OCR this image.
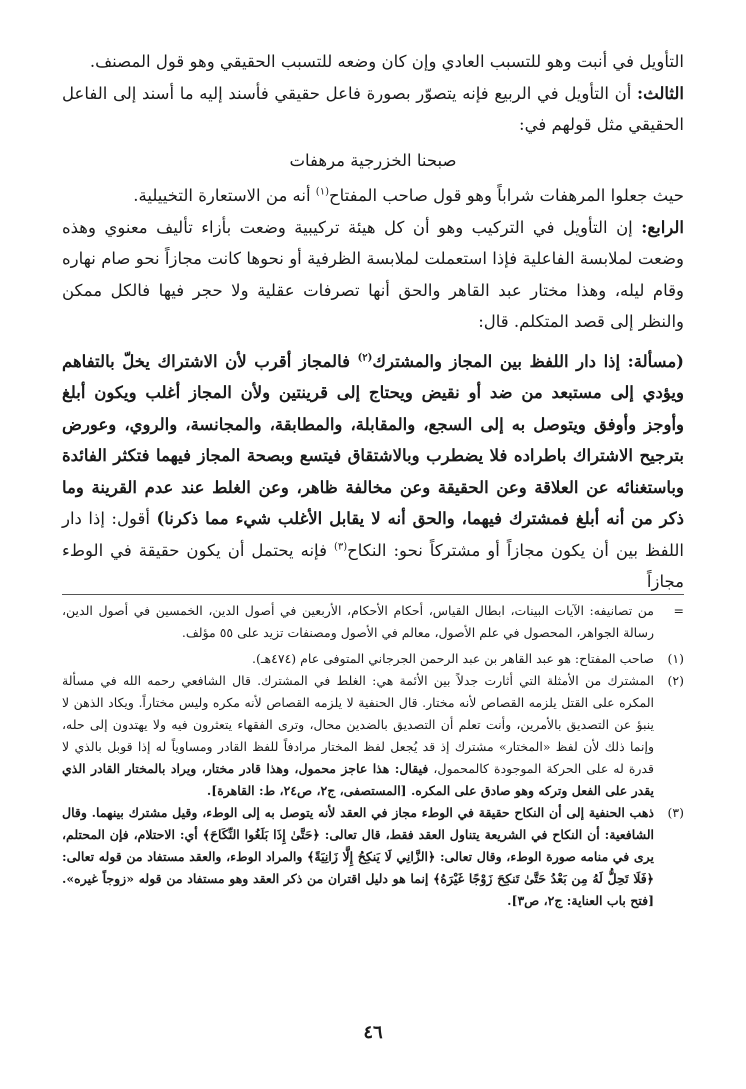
التأويل في أنبت وهو للتسبب العادي وإن كان وضعه للتسبب الحقيقي وهو قول المصنف.

الثالث: أن التأويل في الربيع فإنه يتصوّر بصورة فاعل حقيقي فأسند إليه ما أسند إلى الفاعل الحقيقي مثل قولهم في:

صبحنا الخزرجية مرهفات

حيث جعلوا المرهفات شراباً وهو قول صاحب المفتاح$^{(١)}$ أنه من الاستعارة التخييلية.

الرابع: إن التأويل في التركيب وهو أن كل هيئة تركيبية وضعت بأزاء تأليف معنوي وهذه وضعت لملابسة الفاعلية فإذا استعملت لملابسة الظرفية أو نحوها كانت مجازاً نحو صام نهاره وقام ليله، وهذا مختار عبد القاهر والحق أنها تصرفات عقلية ولا حجر فيها فالكل ممكن والنظر إلى قصد المتكلم. قال:

(مسألة: إذا دار اللفظ بين المجاز والمشترك$^{(٢)}$ فالمجاز أقرب لأن الاشتراك يخلّ بالتفاهم ويؤدي إلى مستبعد من ضد أو نقيض ويحتاج إلى قرينتين ولأن المجاز أغلب ويكون أبلغ وأوجز وأوفق ويتوصل به إلى السجع، والمقابلة، والمطابقة، والمجانسة، والروي، وعورض بترجيح الاشتراك باطراده فلا يضطرب وبالاشتقاق فيتسع وبصحة المجاز فيهما فتكثر الفائدة وباستغنائه عن العلاقة وعن الحقيقة وعن مخالفة ظاهر، وعن الغلط عند عدم القرينة وما ذكر من أنه أبلغ فمشترك فيهما، والحق أنه لا يقابل الأغلب شيء مما ذكرنا) أقول: إذا دار اللفظ بين أن يكون مجازاً أو مشتركاً نحو: النكاح$^{(٣)}$ فإنه يحتمل أن يكون حقيقة في الوطء مجازاً

=
من تصانيفه: الآيات البينات، ابطال القياس، أحكام الأحكام، الأربعين في أصول الدين، الخمسين في أصول الدين، رسالة الجواهر، المحصول في علم الأصول، معالم في الأصول ومصنفات تزيد على ٥٥ مؤلف.
(١)
صاحب المفتاح: هو عبد القاهر بن عبد الرحمن الجرجاني المتوفى عام (٤٧٤هـ).
(٢)
المشترك من الأمثلة التي أثارت جدلاً بين الأئمة هي: الغلط في المشترك. قال الشافعي رحمه الله في مسألة المكره على القتل يلزمه القصاص لأنه مختار. قال الحنفية لا يلزمه القصاص لأنه مكره وليس مختاراً. ويكاد الذهن لا ينبؤ عن التصديق بالأمرين، وأنت تعلم أن التصديق بالضدين محال، وترى الفقهاء يتعثرون فيه ولا يهتدون إلى حله، وإنما ذلك لأن لفظ «المختار» مشترك إذ قد يُجعل لفظ المختار مرادفاً للفظ القادر ومساوياً له إذا قوبل بالذي لا قدرة له على الحركة الموجودة كالمحمول، فيقال: هذا عاجز محمول، وهذا قادر مختار، ويراد بالمختار القادر الذي يقدر على الفعل وتركه وهو صادق على المكره. [المستصفى، ج٢، ص٢٤، ط: القاهرة].
(٣)
ذهب الحنفية إلى أن النكاح حقيقة في الوطء مجاز في العقد لأنه يتوصل به إلى الوطء، وقيل مشترك بينهما. وقال الشافعية: أن النكاح في الشريعة يتناول العقد فقط، قال تعالى: ﴿حَتَّىٰ إِذَا بَلَغُوا النِّكَاحَ﴾ أي: الاحتلام، فإن المحتلم، يرى في منامه صورة الوطء، وقال تعالى: ﴿الزَّانِي لَا يَنكِحُ إِلَّا زَانِيَةً﴾ والمراد الوطء، والعقد مستفاد من قوله تعالى: ﴿فَلَا تَحِلُّ لَهُ مِن بَعْدُ حَتَّىٰ تَنكِحَ زَوْجًا غَيْرَهُ﴾ إنما هو دليل اقتران من ذكر العقد وهو مستفاد من قوله «زوجاً غيره». [فتح باب العناية: ج٢، ص٣].
٤٦
